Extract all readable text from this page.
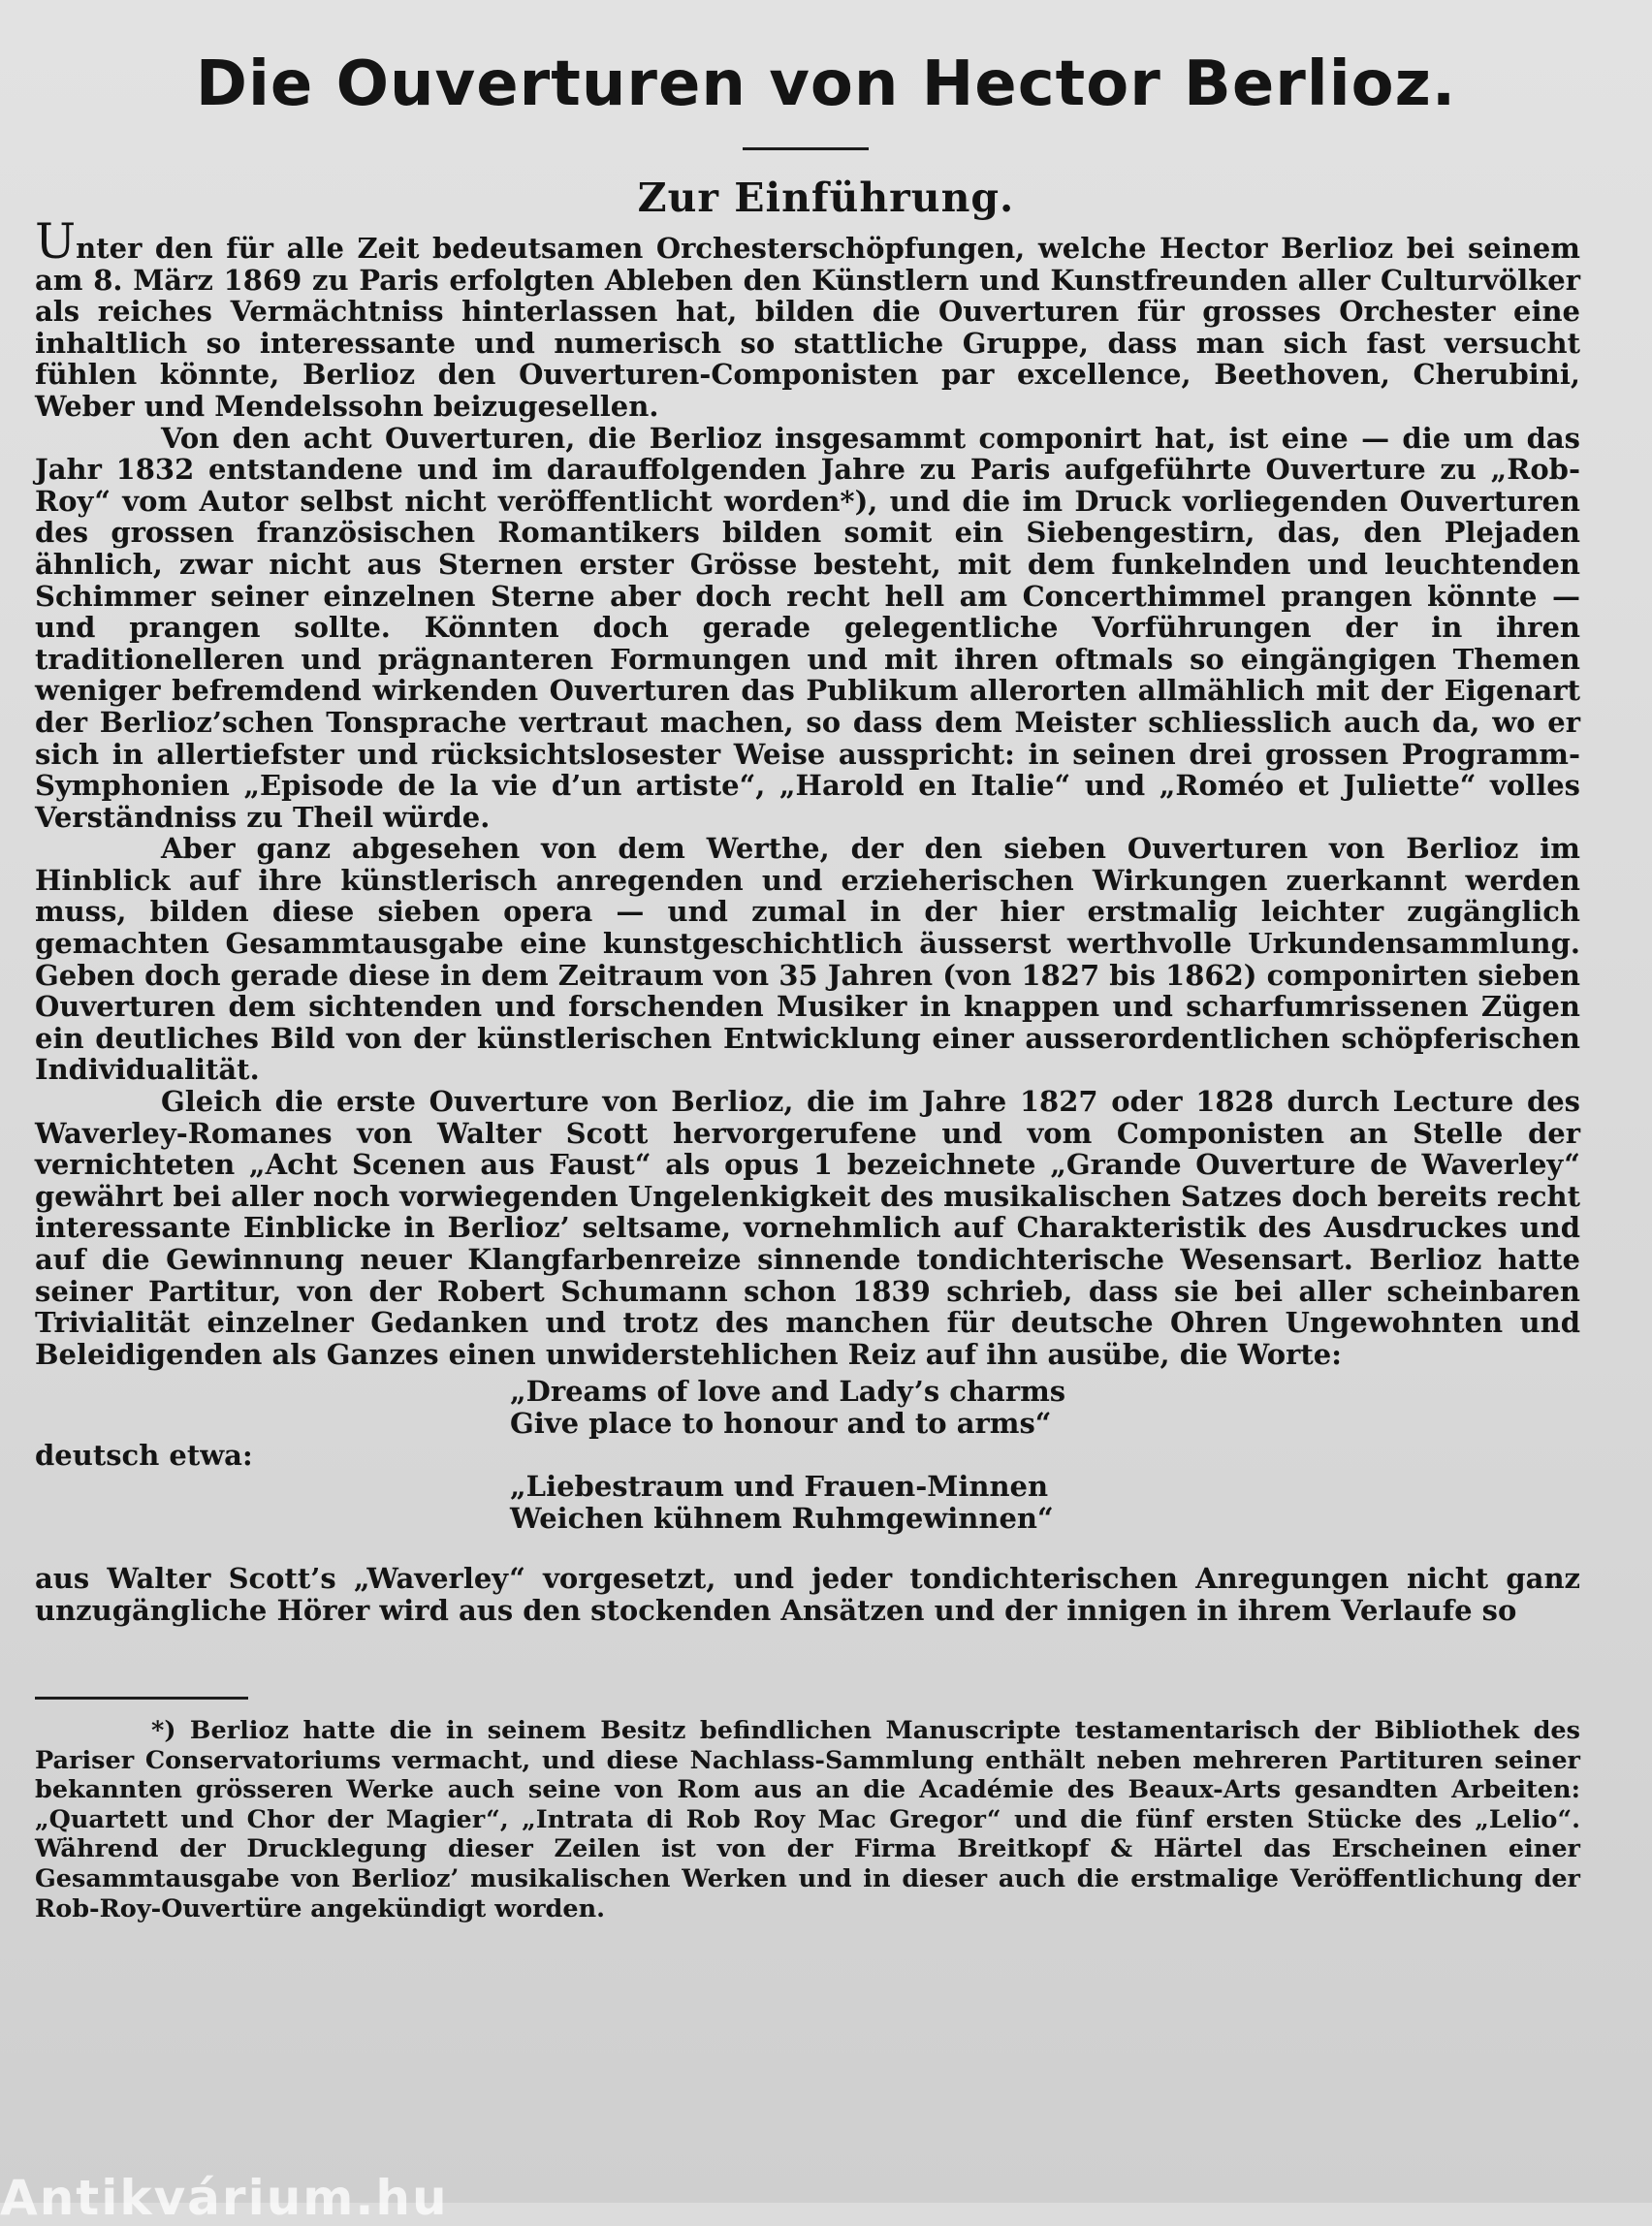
Die Ouverturen von Hector Berlioz.
Zur Einführung.

Unter den für alle Zeit bedeutsamen Orchesterschöpfungen, welche Hector Berlioz bei seinem am 8. März 1869 zu Paris erfolgten Ableben den Künstlern und Kunstfreunden aller Culturvölker als reiches Vermächtniss hinterlassen hat, bilden die Ouverturen für grosses Orchester eine inhaltlich so interessante und numerisch so stattliche Gruppe, dass man sich fast versucht fühlen könnte, Berlioz den Ouverturen-Componisten par excellence, Beethoven, Cherubini, Weber und Mendelssohn beizugesellen.

Von den acht Ouverturen, die Berlioz insgesammt componirt hat, ist eine — die um das Jahr 1832 entstandene und im darauffolgenden Jahre zu Paris aufgeführte Ouverture zu „Rob-Roy“ vom Autor selbst nicht veröffentlicht worden*), und die im Druck vorliegenden Ouverturen des grossen französischen Romantikers bilden somit ein Siebengestirn, das, den Plejaden ähnlich, zwar nicht aus Sternen erster Grösse besteht, mit dem funkelnden und leuchtenden Schimmer seiner einzelnen Sterne aber doch recht hell am Concerthimmel prangen könnte — und prangen sollte. Könnten doch gerade gelegentliche Vorführungen der in ihren traditionelleren und prägnanteren Formungen und mit ihren oftmals so eingängigen Themen weniger befremdend wirkenden Ouverturen das Publikum allerorten allmählich mit der Eigenart der Berlioz’schen Tonsprache vertraut machen, so dass dem Meister schliesslich auch da, wo er sich in allertiefster und rücksichtslosester Weise ausspricht: in seinen drei grossen Programm-Symphonien „Episode de la vie d’un artiste“, „Harold en Italie“ und „Roméo et Juliette“ volles Verständniss zu Theil würde.

Aber ganz abgesehen von dem Werthe, der den sieben Ouverturen von Berlioz im Hinblick auf ihre künstlerisch anregenden und erzieherischen Wirkungen zuerkannt werden muss, bilden diese sieben opera — und zumal in der hier erstmalig leichter zugänglich gemachten Gesammtausgabe eine kunstgeschichtlich äusserst werthvolle Urkundensammlung. Geben doch gerade diese in dem Zeitraum von 35 Jahren (von 1827 bis 1862) componirten sieben Ouverturen dem sichtenden und forschenden Musiker in knappen und scharfumrissenen Zügen ein deutliches Bild von der künstlerischen Entwicklung einer ausserordentlichen schöpferischen Individualität.

Gleich die erste Ouverture von Berlioz, die im Jahre 1827 oder 1828 durch Lecture des Waverley-Romanes von Walter Scott hervorgerufene und vom Componisten an Stelle der vernichteten „Acht Scenen aus Faust“ als opus 1 bezeichnete „Grande Ouverture de Waverley“ gewährt bei aller noch vorwiegenden Ungelenkigkeit des musikalischen Satzes doch bereits recht interessante Einblicke in Berlioz’ seltsame, vornehmlich auf Charakteristik des Ausdruckes und auf die Gewinnung neuer Klangfarbenreize sinnende tondichterische Wesensart. Berlioz hatte seiner Partitur, von der Robert Schumann schon 1839 schrieb, dass sie bei aller scheinbaren Trivialität einzelner Gedanken und trotz des manchen für deutsche Ohren Ungewohnten und Beleidigenden als Ganzes einen unwiderstehlichen Reiz auf ihn ausübe, die Worte:

„Dreams of love and Lady’s charms
Give place to honour and to arms“
deutsch etwa:
„Liebestraum und Frauen-Minnen
Weichen kühnem Ruhmgewinnen“

aus Walter Scott’s „Waverley“ vorgesetzt, und jeder tondichterischen Anregungen nicht ganz unzugängliche Hörer wird aus den stockenden Ansätzen und der innigen in ihrem Verlaufe so

*) Berlioz hatte die in seinem Besitz befindlichen Manuscripte testamentarisch der Bibliothek des Pariser Conservatoriums vermacht, und diese Nachlass-Sammlung enthält neben mehreren Partituren seiner bekannten grösseren Werke auch seine von Rom aus an die Académie des Beaux-Arts gesandten Arbeiten: „Quartett und Chor der Magier“, „Intrata di Rob Roy Mac Gregor“ und die fünf ersten Stücke des „Lelio“. Während der Drucklegung dieser Zeilen ist von der Firma Breitkopf & Härtel das Erscheinen einer Gesammtausgabe von Berlioz’ musikalischen Werken und in dieser auch die erstmalige Veröffentlichung der Rob-Roy-Ouvertüre angekündigt worden.

Antikvárium.hu
